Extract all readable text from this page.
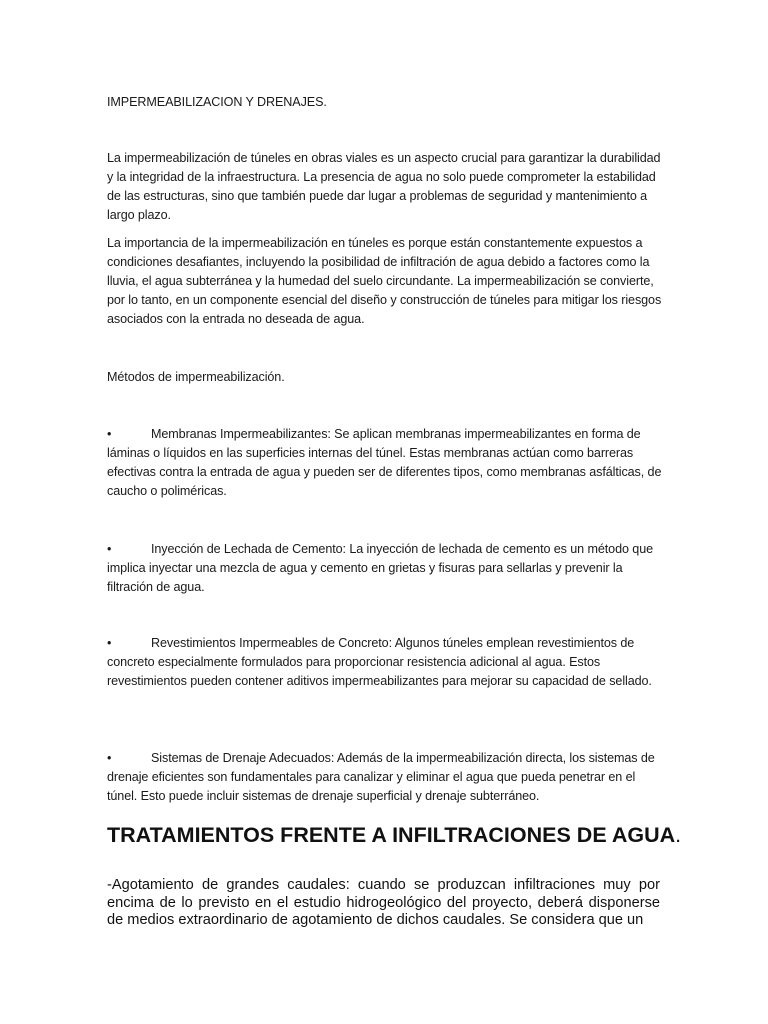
IMPERMEABILIZACION Y DRENAJES.
La impermeabilización de túneles en obras viales es un aspecto crucial para garantizar la durabilidad y la integridad de la infraestructura. La presencia de agua no solo puede comprometer la estabilidad de las estructuras, sino que también puede dar lugar a problemas de seguridad y mantenimiento a largo plazo.
La importancia de la impermeabilización en túneles es porque están constantemente expuestos a condiciones desafiantes, incluyendo la posibilidad de infiltración de agua debido a factores como la lluvia, el agua subterránea y la humedad del suelo circundante. La impermeabilización se convierte, por lo tanto, en un componente esencial del diseño y construcción de túneles para mitigar los riesgos asociados con la entrada no deseada de agua.
Métodos de impermeabilización.
•	Membranas Impermeabilizantes: Se aplican membranas impermeabilizantes en forma de láminas o líquidos en las superficies internas del túnel. Estas membranas actúan como barreras efectivas contra la entrada de agua y pueden ser de diferentes tipos, como membranas asfálticas, de caucho o poliméricas.
•	Inyección de Lechada de Cemento: La inyección de lechada de cemento es un método que implica inyectar una mezcla de agua y cemento en grietas y fisuras para sellarlas y prevenir la filtración de agua.
•	Revestimientos Impermeables de Concreto: Algunos túneles emplean revestimientos de concreto especialmente formulados para proporcionar resistencia adicional al agua. Estos revestimientos pueden contener aditivos impermeabilizantes para mejorar su capacidad de sellado.
•	Sistemas de Drenaje Adecuados: Además de la impermeabilización directa, los sistemas de drenaje eficientes son fundamentales para canalizar y eliminar el agua que pueda penetrar en el túnel. Esto puede incluir sistemas de drenaje superficial y drenaje subterráneo.
TRATAMIENTOS FRENTE A INFILTRACIONES DE AGUA.
-Agotamiento de grandes caudales: cuando se produzcan infiltraciones muy por encima de lo previsto en el estudio hidrogeológico del proyecto, deberá disponerse de medios extraordinario de agotamiento de dichos caudales. Se considera que un
